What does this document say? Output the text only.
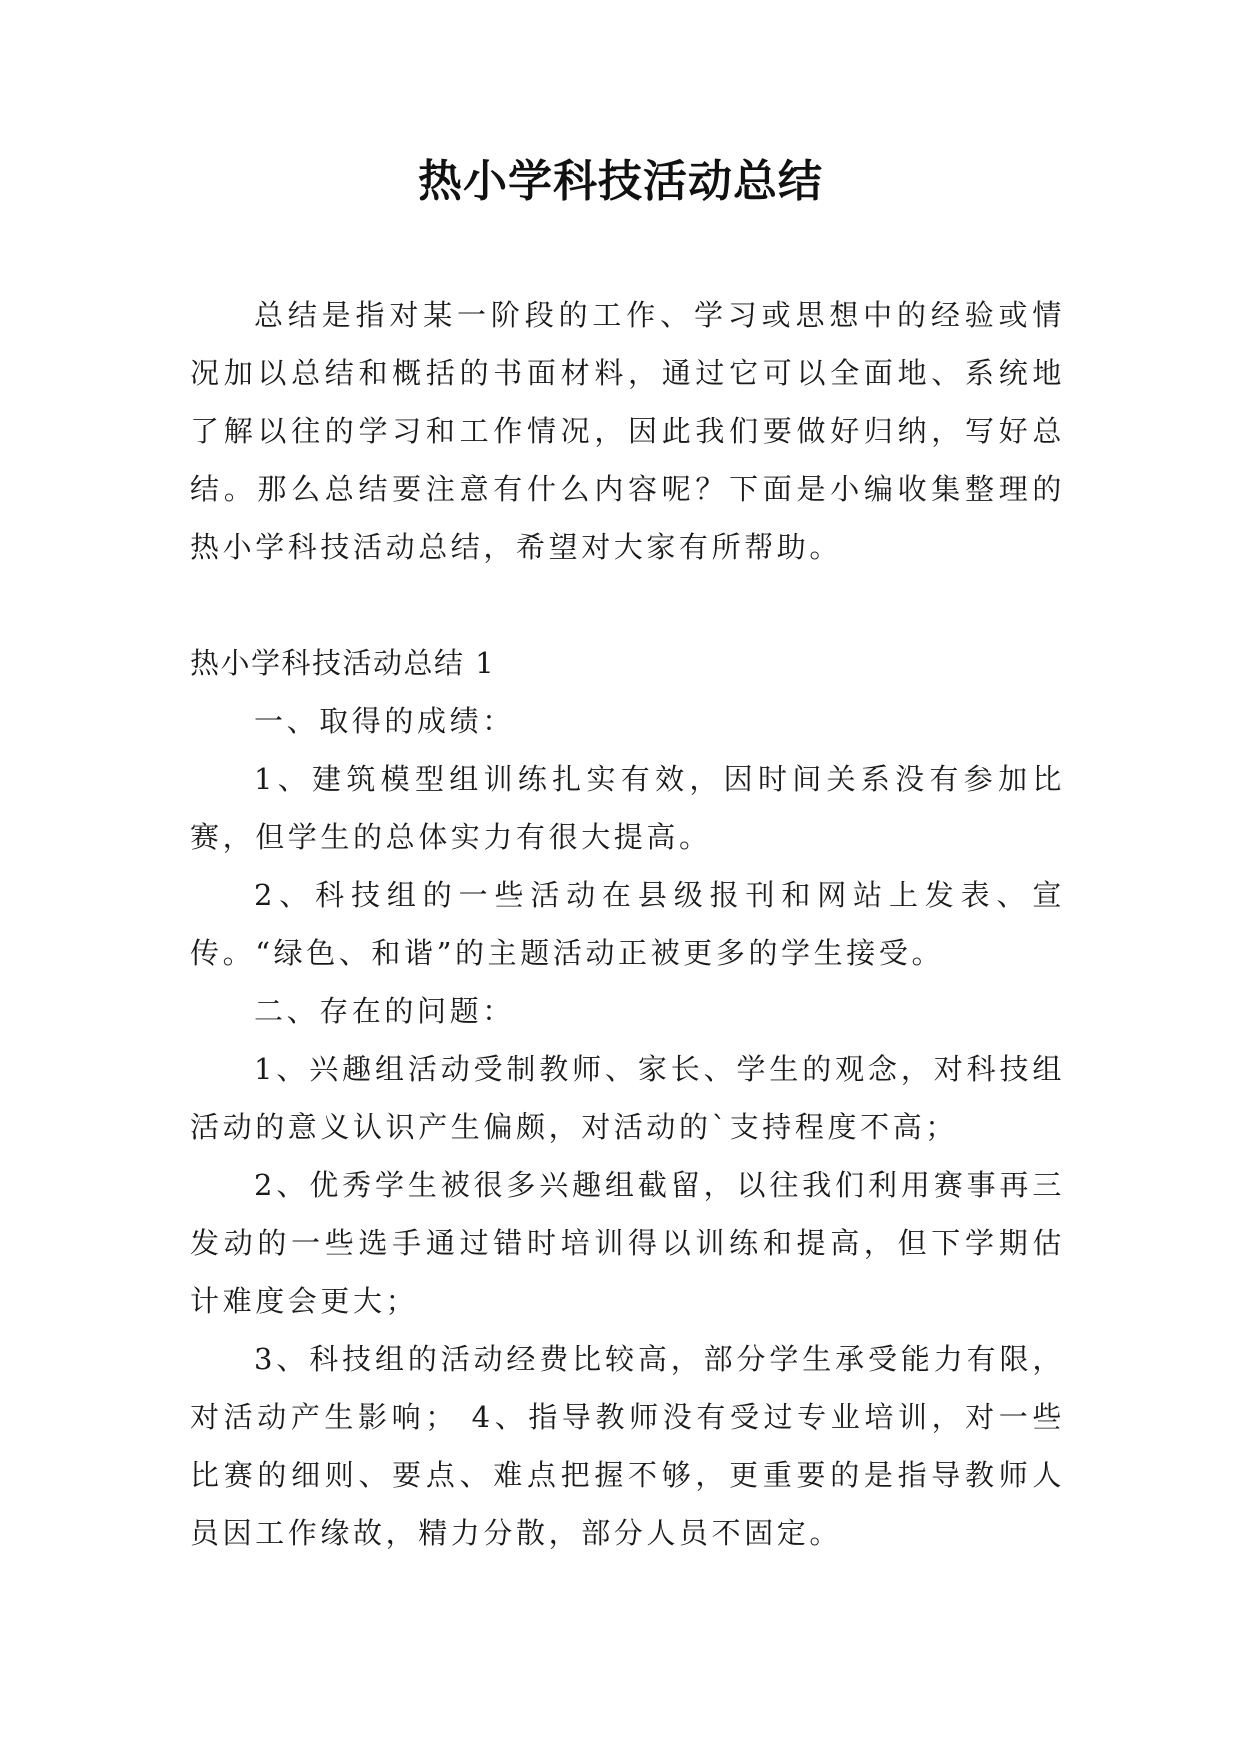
热小学科技活动总结

总结是指对某一阶段的工作、学习或思想中的经验或情况加以总结和概括的书面材料，通过它可以全面地、系统地了解以往的学习和工作情况，因此我们要做好归纳，写好总结。那么总结要注意有什么内容呢？下面是小编收集整理的热小学科技活动总结，希望对大家有所帮助。

热小学科技活动总结 1

一、取得的成绩：

1、建筑模型组训练扎实有效，因时间关系没有参加比赛，但学生的总体实力有很大提高。

2、科技组的一些活动在县级报刊和网站上发表、宣传。“绿色、和谐”的主题活动正被更多的学生接受。

二、存在的问题：

1、兴趣组活动受制教师、家长、学生的观念，对科技组活动的意义认识产生偏颇，对活动的`支持程度不高；

2、优秀学生被很多兴趣组截留，以往我们利用赛事再三发动的一些选手通过错时培训得以训练和提高，但下学期估计难度会更大；

3、科技组的活动经费比较高，部分学生承受能力有限，对活动产生影响； 4、指导教师没有受过专业培训，对一些比赛的细则、要点、难点把握不够，更重要的是指导教师人员因工作缘故，精力分散，部分人员不固定。
